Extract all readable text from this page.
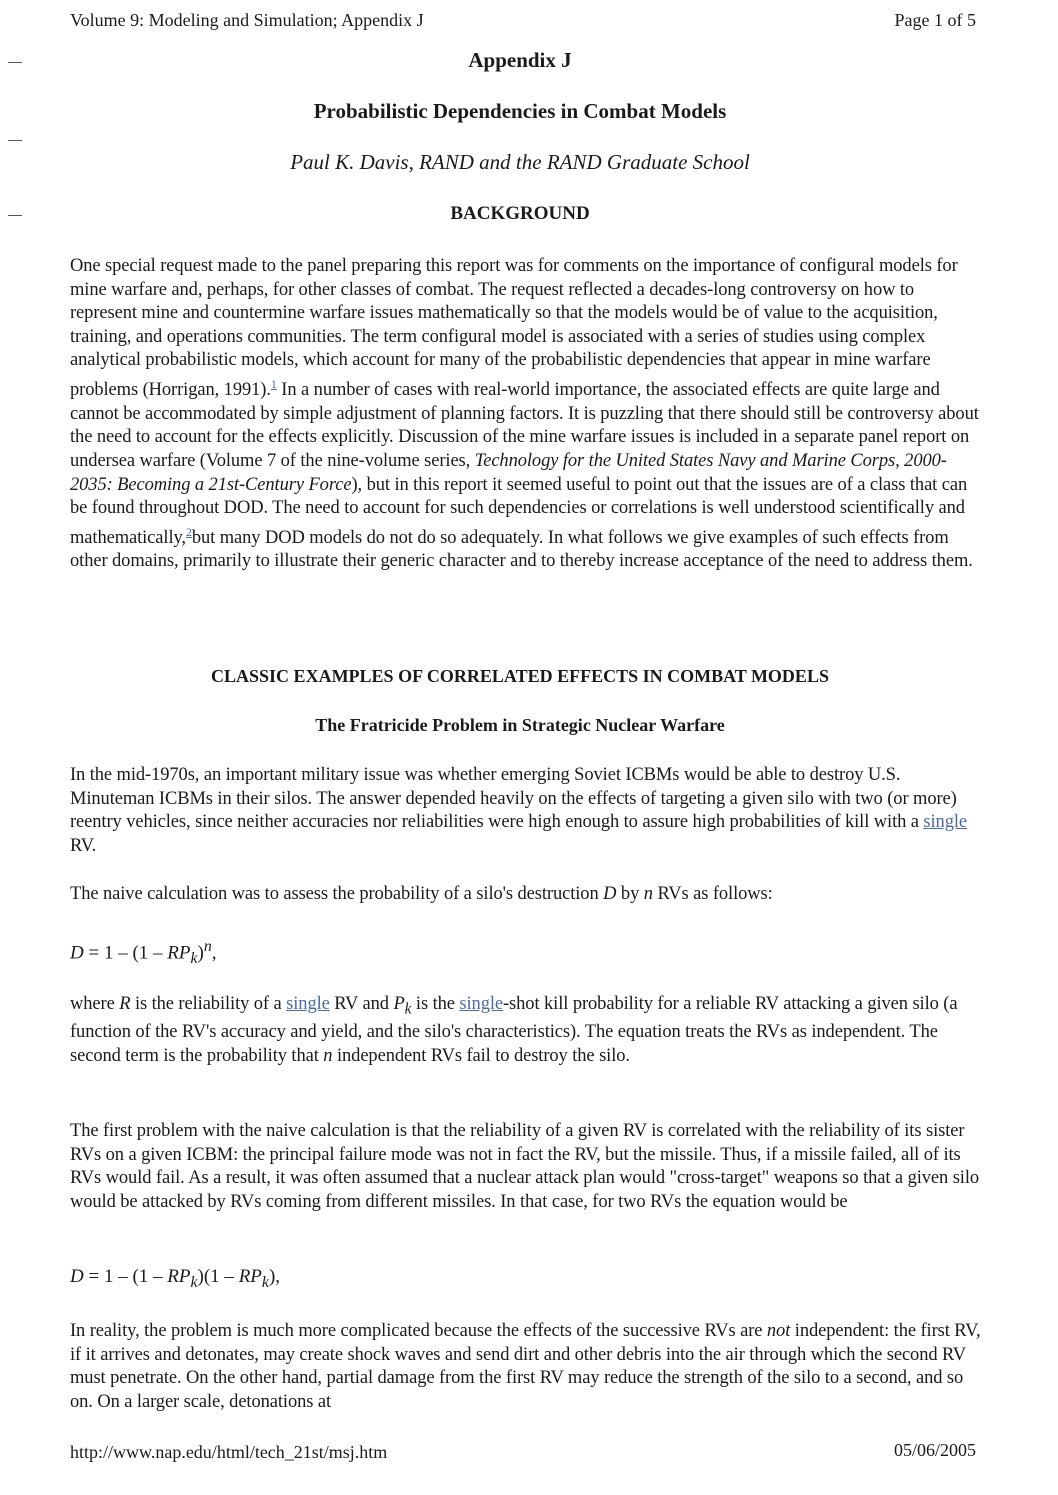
Volume 9: Modeling and Simulation; Appendix J	Page 1 of 5
Appendix J
Probabilistic Dependencies in Combat Models
Paul K. Davis, RAND and the RAND Graduate School
BACKGROUND

One special request made to the panel preparing this report was for comments on the importance of configural models for mine warfare and, perhaps, for other classes of combat. The request reflected a decades-long controversy on how to represent mine and countermine warfare issues mathematically so that the models would be of value to the acquisition, training, and operations communities. The term configural model is associated with a series of studies using complex analytical probabilistic models, which account for many of the probabilistic dependencies that appear in mine warfare problems (Horrigan, 1991).$^1$ In a number of cases with real-world importance, the associated effects are quite large and cannot be accommodated by simple adjustment of planning factors. It is puzzling that there should still be controversy about the need to account for the effects explicitly. Discussion of the mine warfare issues is included in a separate panel report on undersea warfare (Volume 7 of the nine-volume series, Technology for the United States Navy and Marine Corps, 2000-2035: Becoming a 21st-Century Force), but in this report it seemed useful to point out that the issues are of a class that can be found throughout DOD. The need to account for such dependencies or correlations is well understood scientifically and mathematically,$^2$but many DOD models do not do so adequately. In what follows we give examples of such effects from other domains, primarily to illustrate their generic character and to thereby increase acceptance of the need to address them.

CLASSIC EXAMPLES OF CORRELATED EFFECTS IN COMBAT MODELS
The Fratricide Problem in Strategic Nuclear Warfare

In the mid-1970s, an important military issue was whether emerging Soviet ICBMs would be able to destroy U.S. Minuteman ICBMs in their silos. The answer depended heavily on the effects of targeting a given silo with two (or more) reentry vehicles, since neither accuracies nor reliabilities were high enough to assure high probabilities of kill with a single RV.

The naive calculation was to assess the probability of a silo's destruction D by n RVs as follows:

$D = 1 - (1 - RP_k)^n$,

where R is the reliability of a single RV and $P_k$ is the single-shot kill probability for a reliable RV attacking a given silo (a function of the RV's accuracy and yield, and the silo's characteristics). The equation treats the RVs as independent. The second term is the probability that n independent RVs fail to destroy the silo.

The first problem with the naive calculation is that the reliability of a given RV is correlated with the reliability of its sister RVs on a given ICBM: the principal failure mode was not in fact the RV, but the missile. Thus, if a missile failed, all of its RVs would fail. As a result, it was often assumed that a nuclear attack plan would "cross-target" weapons so that a given silo would be attacked by RVs coming from different missiles. In that case, for two RVs the equation would be

$D = 1 - (1 - RP_k)(1 - RP_k)$,

In reality, the problem is much more complicated because the effects of the successive RVs are not independent: the first RV, if it arrives and detonates, may create shock waves and send dirt and other debris into the air through which the second RV must penetrate. On the other hand, partial damage from the first RV may reduce the strength of the silo to a second, and so on. On a larger scale, detonations at

http://www.nap.edu/html/tech_21st/msj.htm	05/06/2005
